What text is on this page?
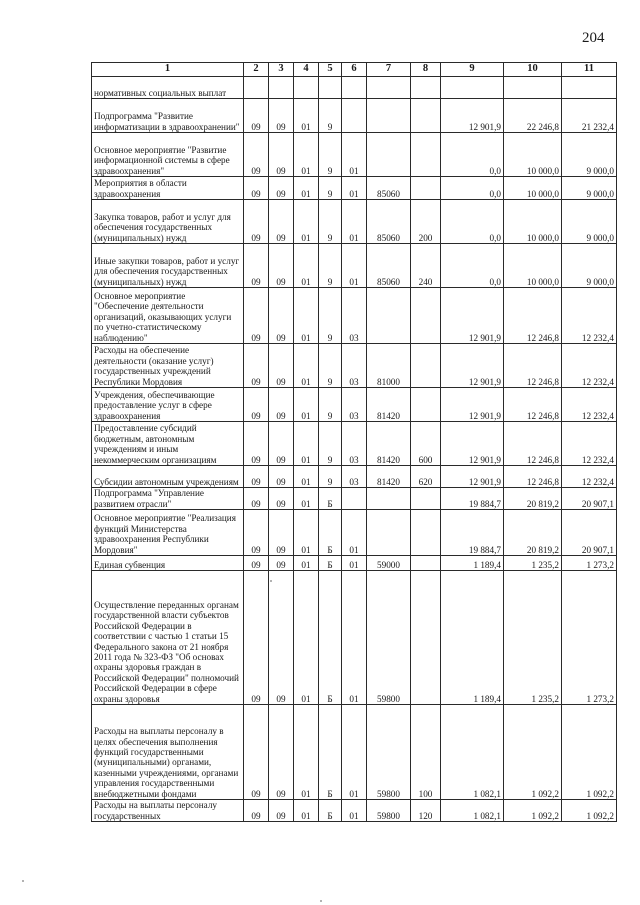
204
1	2	3	4	5	6	7	8	9	10	11
нормативных социальных выплат										
Подпрограмма "Развитие информатизации в здравоохранении"	09	09	01	9				12 901,9	22 246,8	21 232,4
Основное мероприятие "Развитие информационной системы в сфере здравоохранения"	09	09	01	9	01			0,0	10 000,0	9 000,0
Мероприятия в области здравоохранения	09	09	01	9	01	85060		0,0	10 000,0	9 000,0
Закупка товаров, работ и услуг для обеспечения государственных (муниципальных) нужд	09	09	01	9	01	85060	200	0,0	10 000,0	9 000,0
Иные закупки товаров, работ и услуг для обеспечения государственных (муниципальных) нужд	09	09	01	9	01	85060	240	0,0	10 000,0	9 000,0
Основное мероприятие "Обеспечение деятельности организаций, оказывающих услуги по учетно-статистическому наблюдению"	09	09	01	9	03			12 901,9	12 246,8	12 232,4
Расходы на обеспечение деятельности (оказание услуг) государственных учреждений Республики Мордовия	09	09	01	9	03	81000		12 901,9	12 246,8	12 232,4
Учреждения, обеспечивающие предоставление услуг в сфере здравоохранения	09	09	01	9	03	81420		12 901,9	12 246,8	12 232,4
Предоставление субсидий бюджетным, автономным учреждениям и иным некоммерческим организациям	09	09	01	9	03	81420	600	12 901,9	12 246,8	12 232,4
Субсидии автономным учреждениям	09	09	01	9	03	81420	620	12 901,9	12 246,8	12 232,4
Подпрограмма "Управление развитием отрасли"	09	09	01	Б				19 884,7	20 819,2	20 907,1
Основное мероприятие "Реализация функций Министерства здравоохранения Республики Мордовия"	09	09	01	Б	01			19 884,7	20 819,2	20 907,1
Единая субвенция	09	09	01	Б	01	59000		1 189,4	1 235,2	1 273,2
Осуществление переданных органам государственной власти субъектов Российской Федерации в соответствии с частью 1 статьи 15 Федерального закона от 21 ноября 2011 года № 323-ФЗ "Об основах охраны здоровья граждан в Российской Федерации" полномочий Российской Федерации в сфере охраны здоровья	09	09	01	Б	01	59800		1 189,4	1 235,2	1 273,2
Расходы на выплаты персоналу в целях обеспечения выполнения функций государственными (муниципальными) органами, казенными учреждениями, органами управления государственными внебюджетными фондами	09	09	01	Б	01	59800	100	1 082,1	1 092,2	1 092,2
Расходы на выплаты персоналу государственных	09	09	01	Б	01	59800	120	1 082,1	1 092,2	1 092,2
